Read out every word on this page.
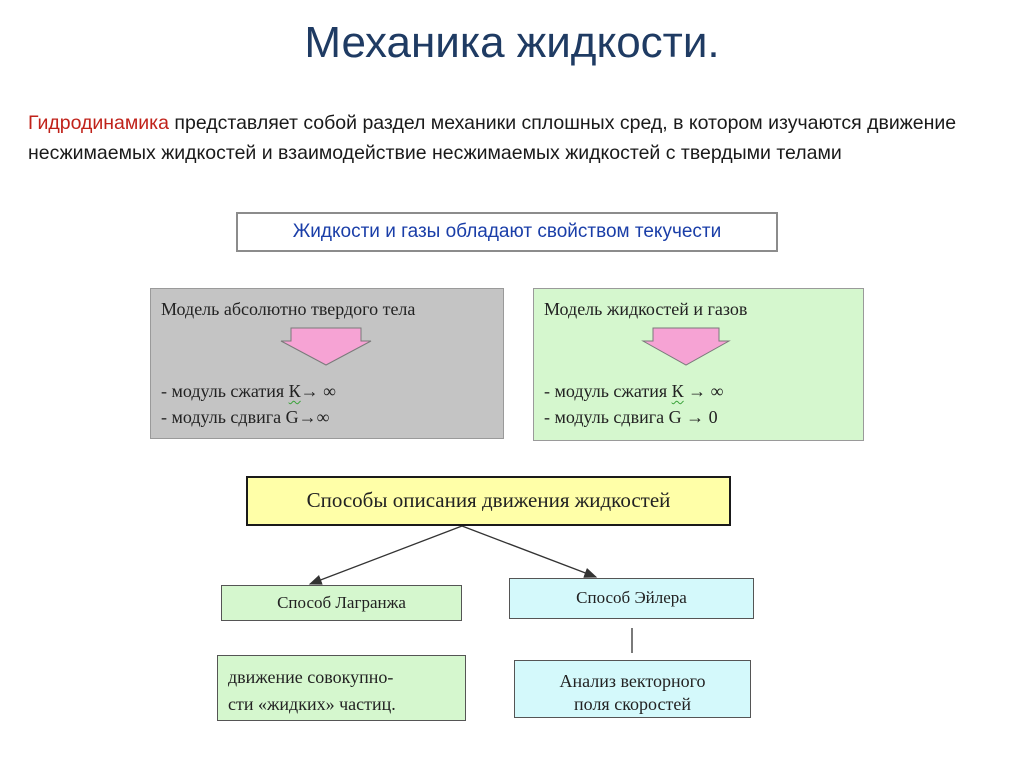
Механика жидкости.
Гидродинамика представляет собой раздел механики сплошных сред, в котором изучаются движение несжимаемых жидкостей и взаимодействие несжимаемых жидкостей с твердыми телами
Жидкости и газы обладают свойством текучести
Модель абсолютно твердого тела
- модуль сжатия К→ ∞
- модуль сдвига G→∞
Модель жидкостей и газов
- модуль сжатия К → ∞
- модуль сдвига G → 0
Способы описания движения жидкостей
Способ Лагранжа	Способ Эйлера
движение совокупно-
сти «жидких» частиц.
Анализ векторного
поля скоростей
